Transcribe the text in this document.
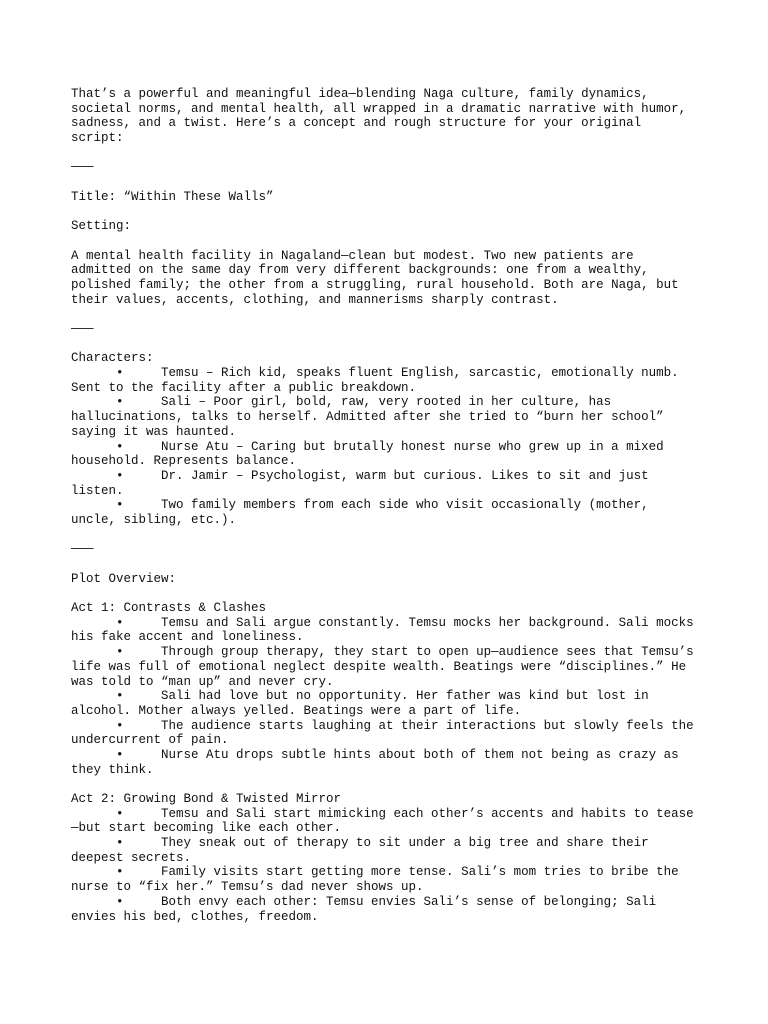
That’s a powerful and meaningful idea—blending Naga culture, family dynamics,
societal norms, and mental health, all wrapped in a dramatic narrative with humor,
sadness, and a twist. Here’s a concept and rough structure for your original
script:
———
Title: “Within These Walls”
Setting:
A mental health facility in Nagaland—clean but modest. Two new patients are
admitted on the same day from very different backgrounds: one from a wealthy,
polished family; the other from a struggling, rural household. Both are Naga, but
their values, accents, clothing, and mannerisms sharply contrast.
———
Characters:
	•	Temsu – Rich kid, speaks fluent English, sarcastic, emotionally numb.
Sent to the facility after a public breakdown.
	•	Sali – Poor girl, bold, raw, very rooted in her culture, has
hallucinations, talks to herself. Admitted after she tried to “burn her school”
saying it was haunted.
	•	Nurse Atu – Caring but brutally honest nurse who grew up in a mixed
household. Represents balance.
	•	Dr. Jamir – Psychologist, warm but curious. Likes to sit and just
listen.
	•	Two family members from each side who visit occasionally (mother,
uncle, sibling, etc.).
———
Plot Overview:
Act 1: Contrasts & Clashes
	•	Temsu and Sali argue constantly. Temsu mocks her background. Sali mocks
his fake accent and loneliness.
	•	Through group therapy, they start to open up—audience sees that Temsu’s
life was full of emotional neglect despite wealth. Beatings were “disciplines.” He
was told to “man up” and never cry.
	•	Sali had love but no opportunity. Her father was kind but lost in
alcohol. Mother always yelled. Beatings were a part of life.
	•	The audience starts laughing at their interactions but slowly feels the
undercurrent of pain.
	•	Nurse Atu drops subtle hints about both of them not being as crazy as
they think.
Act 2: Growing Bond & Twisted Mirror
	•	Temsu and Sali start mimicking each other’s accents and habits to tease
—but start becoming like each other.
	•	They sneak out of therapy to sit under a big tree and share their
deepest secrets.
	•	Family visits start getting more tense. Sali’s mom tries to bribe the
nurse to “fix her.” Temsu’s dad never shows up.
	•	Both envy each other: Temsu envies Sali’s sense of belonging; Sali
envies his bed, clothes, freedom.
